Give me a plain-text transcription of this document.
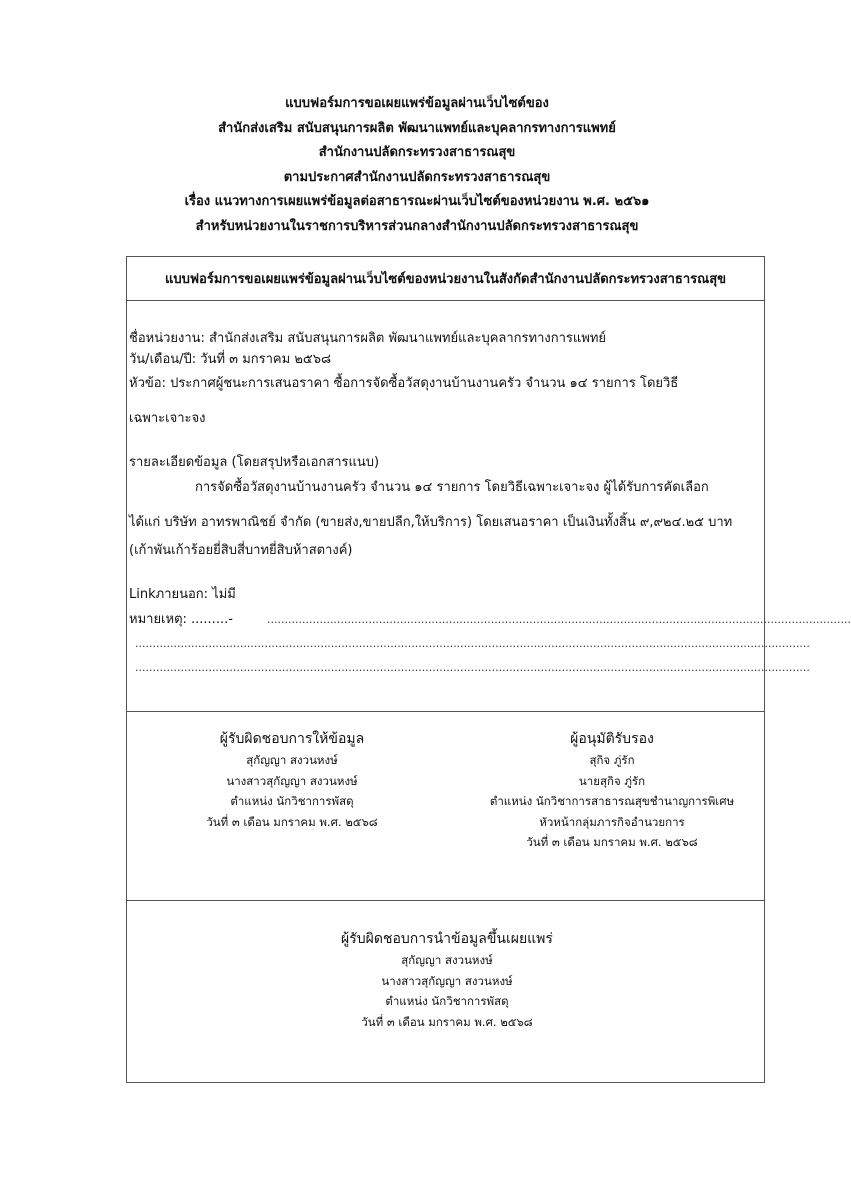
แบบฟอร์มการขอเผยแพร่ข้อมูลผ่านเว็บไซต์ของ
สำนักส่งเสริม สนับสนุนการผลิต พัฒนาแพทย์และบุคลากรทางการแพทย์
สำนักงานปลัดกระทรวงสาธารณสุข
ตามประกาศสำนักงานปลัดกระทรวงสาธารณสุข
เรื่อง แนวทางการเผยแพร่ข้อมูลต่อสาธารณะผ่านเว็บไซต์ของหน่วยงาน พ.ศ. ๒๕๖๑
สำหรับหน่วยงานในราชการบริหารส่วนกลางสำนักงานปลัดกระทรวงสาธารณสุข
แบบฟอร์มการขอเผยแพร่ข้อมูลผ่านเว็บไซต์ของหน่วยงานในสังกัดสำนักงานปลัดกระทรวงสาธารณสุข
ชื่อหน่วยงาน: สำนักส่งเสริม สนับสนุนการผลิต พัฒนาแพทย์และบุคลากรทางการแพทย์
วัน/เดือน/ปี: วันที่ ๓ มกราคม ๒๕๖๘
หัวข้อ: ประกาศผู้ชนะการเสนอราคา ซื้อการจัดซื้อวัสดุงานบ้านงานครัว จำนวน ๑๔ รายการ โดยวิธี
เฉพาะเจาะจง
รายละเอียดข้อมูล (โดยสรุปหรือเอกสารแนบ)
การจัดซื้อวัสดุงานบ้านงานครัว จำนวน ๑๔ รายการ โดยวิธีเฉพาะเจาะจง ผู้ได้รับการคัดเลือก
ได้แก่ บริษัท อาทรพาณิชย์ จำกัด (ขายส่ง,ขายปลีก,ให้บริการ) โดยเสนอราคา เป็นเงินทั้งสิ้น ๙,๙๒๔.๒๕ บาท
(เก้าพันเก้าร้อยยี่สิบสี่บาทยี่สิบห้าสตางค์)
Linkภายนอก: ไม่มี
หมายเหตุ: .........-	.......................................................................................................................................................................
.................................................................................................................................................................................................
.................................................................................................................................................................................................
ผู้รับผิดชอบการให้ข้อมูล
สุกัญญา สงวนหงษ์
นางสาวสุกัญญา สงวนหงษ์
ตำแหน่ง นักวิชาการพัสดุ
วันที่ ๓ เดือน มกราคม พ.ศ. ๒๕๖๘
ผู้อนุมัติรับรอง
สุกิจ ภู่รัก
นายสุกิจ ภู่รัก
ตำแหน่ง นักวิชาการสาธารณสุขชำนาญการพิเศษ
หัวหน้ากลุ่มภารกิจอำนวยการ
วันที่ ๓ เดือน มกราคม พ.ศ. ๒๕๖๘
ผู้รับผิดชอบการนำข้อมูลขึ้นเผยแพร่
สุกัญญา สงวนหงษ์
นางสาวสุกัญญา สงวนหงษ์
ตำแหน่ง นักวิชาการพัสดุ
วันที่ ๓ เดือน มกราคม พ.ศ. ๒๕๖๘
